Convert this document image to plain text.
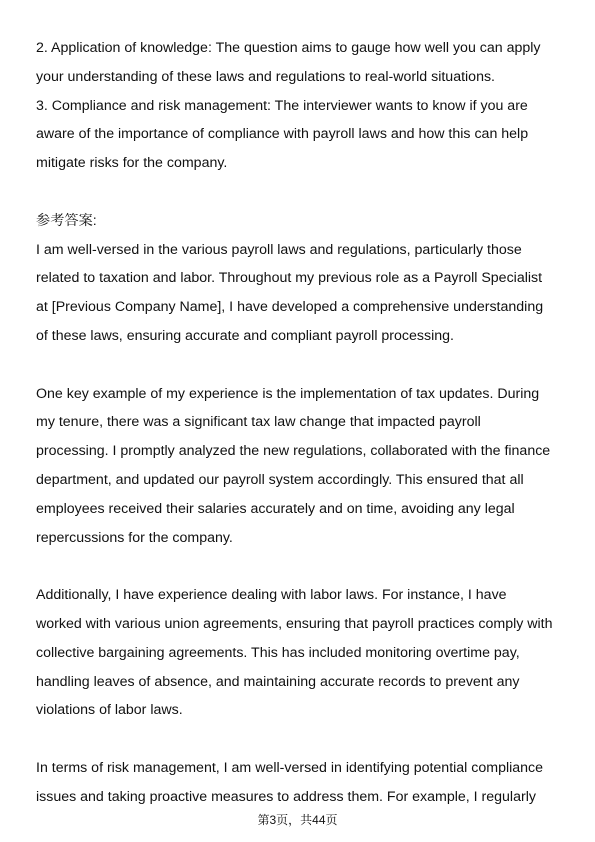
2. Application of knowledge: The question aims to gauge how well you can apply

your understanding of these laws and regulations to real-world situations.

3. Compliance and risk management: The interviewer wants to know if you are

aware of the importance of compliance with payroll laws and how this can help

mitigate risks for the company.

参考答案:

I am well-versed in the various payroll laws and regulations, particularly those

related to taxation and labor. Throughout my previous role as a Payroll Specialist

at [Previous Company Name], I have developed a comprehensive understanding

of these laws, ensuring accurate and compliant payroll processing.

One key example of my experience is the implementation of tax updates. During

my tenure, there was a significant tax law change that impacted payroll

processing. I promptly analyzed the new regulations, collaborated with the finance

department, and updated our payroll system accordingly. This ensured that all

employees received their salaries accurately and on time, avoiding any legal

repercussions for the company.

Additionally, I have experience dealing with labor laws. For instance, I have

worked with various union agreements, ensuring that payroll practices comply with

collective bargaining agreements. This has included monitoring overtime pay,

handling leaves of absence, and maintaining accurate records to prevent any

violations of labor laws.

In terms of risk management, I am well-versed in identifying potential compliance

issues and taking proactive measures to address them. For example, I regularly

第3页，共44页
